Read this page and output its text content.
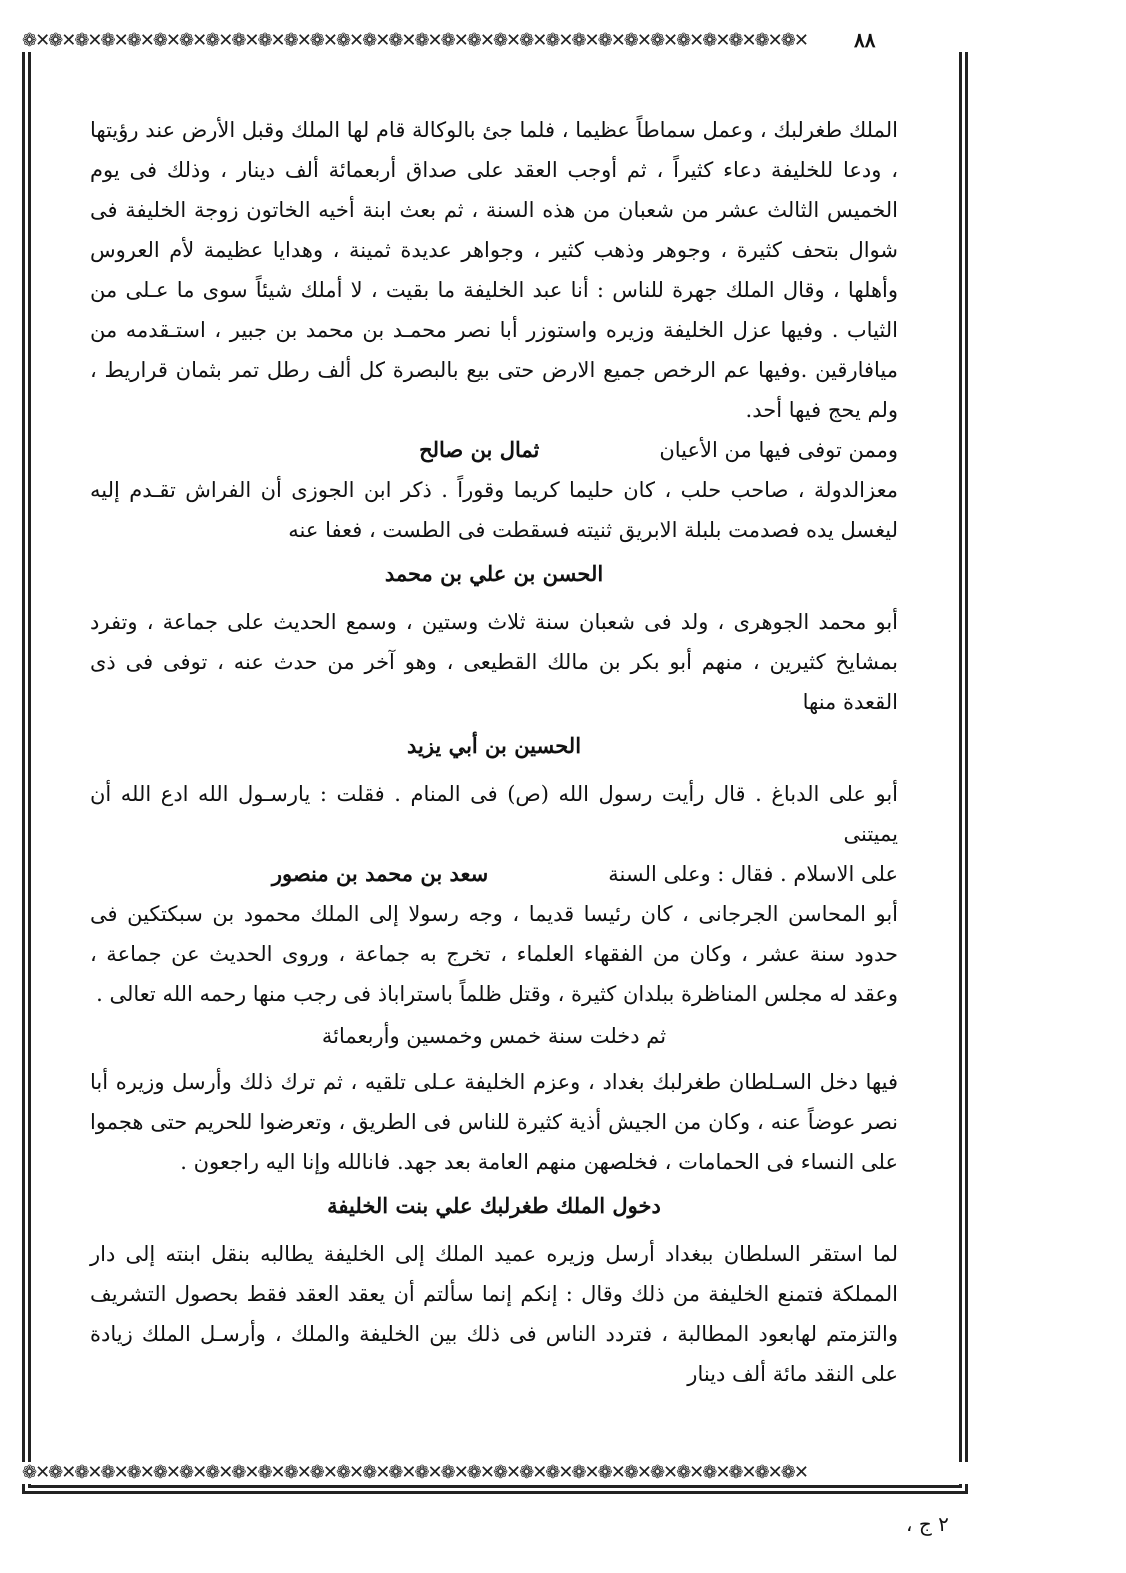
❁✕❁✕❁✕❁✕❁✕❁✕❁✕❁✕❁✕❁✕❁✕❁✕❁✕❁✕❁✕❁✕❁✕❁✕❁✕❁✕❁✕❁✕❁✕❁✕❁✕❁✕❁✕❁✕❁✕❁✕
❁✕❁✕❁✕❁✕❁✕❁✕❁✕❁✕❁✕❁✕❁✕❁✕❁✕❁✕❁✕❁✕❁✕❁✕❁✕❁✕❁✕❁✕❁✕❁✕❁✕❁✕❁✕❁✕❁✕❁✕
٨٨

الملك طغرلبك ، وعمل سماطاً عظيما ، فلما جئ بالوكالة قام لها الملك وقبل الأرض عند رؤيتها ، ودعا للخليفة دعاء كثيراً ، ثم أوجب العقد على صداق أربعمائة ألف دينار ، وذلك فى يوم الخميس الثالث عشر من شعبان من هذه السنة ، ثم بعث ابنة أخيه الخاتون زوجة الخليفة فى شوال بتحف كثيرة ، وجوهر وذهب كثير ، وجواهر عديدة ثمينة ، وهدايا عظيمة لأم العروس وأهلها ، وقال الملك جهرة للناس : أنا عبد الخليفة ما بقيت ، لا أملك شيئاً سوى ما عـلى من الثياب . وفيها عزل الخليفة وزيره واستوزر أبا نصر محمـد بن محمد بن جبير ، استـقدمه من ميافارقين .وفيها عم الرخص جميع الارض حتى بيع بالبصرة كل ألف رطل تمر بثمان قراريط ، ولم يحج فيها أحد.

وممن توفى فيها من الأعيان
ثمال بن صالح

معزالدولة ، صاحب حلب ، كان حليما كريما وقوراً . ذكر ابن الجوزى أن الفراش تقـدم إليه ليغسل يده فصدمت بلبلة الابريق ثنيته فسقطت فى الطست ، فعفا عنه

الحسن بن علي بن محمد

أبو محمد الجوهرى ، ولد فى شعبان سنة ثلاث وستين ، وسمع الحديث على جماعة ، وتفرد بمشايخ كثيرين ، منهم أبو بكر بن مالك القطيعى ، وهو آخر من حدث عنه ، توفى فى ذى القعدة منها

الحسين بن أبي يزيد

أبو على الدباغ . قال رأيت رسول الله (ص) فى المنام . فقلت : يارسـول الله ادع الله أن يميتنى

على الاسلام . فقال : وعلى السنة
سعد بن محمد بن منصور

أبو المحاسن الجرجانى ، كان رئيسا قديما ، وجه رسولا إلى الملك محمود بن سبكتكين فى حدود سنة عشر ، وكان من الفقهاء العلماء ، تخرج به جماعة ، وروى الحديث عن جماعة ، وعقد له مجلس المناظرة ببلدان كثيرة ، وقتل ظلماً باستراباذ فى رجب منها رحمه الله تعالى .

ثم دخلت سنة خمس وخمسين وأربعمائة

فيها دخل السـلطان طغرلبك بغداد ، وعزم الخليفة عـلى تلقيه ، ثم ترك ذلك وأرسل وزيره أبا نصر عوضاً عنه ، وكان من الجيش أذية كثيرة للناس فى الطريق ، وتعرضوا للحريم حتى هجموا على النساء فى الحمامات ، فخلصهن منهم العامة بعد جهد. فانالله وإنا اليه راجعون .

دخول الملك طغرلبك علي بنت الخليفة

لما استقر السلطان ببغداد أرسل وزيره عميد الملك إلى الخليفة يطالبه بنقل ابنته إلى دار المملكة فتمنع الخليفة من ذلك وقال : إنكم إنما سألتم أن يعقد العقد فقط بحصول التشريف والتزمتم لهابعود المطالبة ، فتردد الناس فى ذلك بين الخليفة والملك ، وأرسـل الملك زيادة على النقد مائة ألف دينار

٢ ج ،
